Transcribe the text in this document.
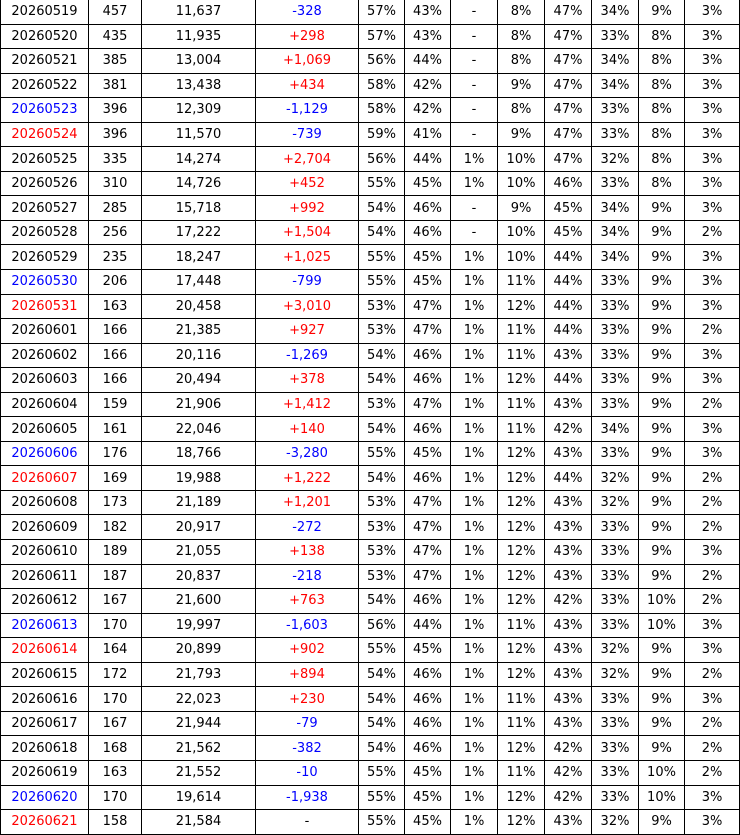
20260519	457	11,637	-328	57%	43%	-	8%	47%	34%	9%	3%
20260520	435	11,935	+298	57%	43%	-	8%	47%	33%	8%	3%
20260521	385	13,004	+1,069	56%	44%	-	8%	47%	34%	8%	3%
20260522	381	13,438	+434	58%	42%	-	9%	47%	34%	8%	3%
20260523	396	12,309	-1,129	58%	42%	-	8%	47%	33%	8%	3%
20260524	396	11,570	-739	59%	41%	-	9%	47%	33%	8%	3%
20260525	335	14,274	+2,704	56%	44%	1%	10%	47%	32%	8%	3%
20260526	310	14,726	+452	55%	45%	1%	10%	46%	33%	8%	3%
20260527	285	15,718	+992	54%	46%	-	9%	45%	34%	9%	3%
20260528	256	17,222	+1,504	54%	46%	-	10%	45%	34%	9%	2%
20260529	235	18,247	+1,025	55%	45%	1%	10%	44%	34%	9%	3%
20260530	206	17,448	-799	55%	45%	1%	11%	44%	33%	9%	3%
20260531	163	20,458	+3,010	53%	47%	1%	12%	44%	33%	9%	3%
20260601	166	21,385	+927	53%	47%	1%	11%	44%	33%	9%	2%
20260602	166	20,116	-1,269	54%	46%	1%	11%	43%	33%	9%	3%
20260603	166	20,494	+378	54%	46%	1%	12%	44%	33%	9%	3%
20260604	159	21,906	+1,412	53%	47%	1%	11%	43%	33%	9%	2%
20260605	161	22,046	+140	54%	46%	1%	11%	42%	34%	9%	3%
20260606	176	18,766	-3,280	55%	45%	1%	12%	43%	33%	9%	3%
20260607	169	19,988	+1,222	54%	46%	1%	12%	44%	32%	9%	2%
20260608	173	21,189	+1,201	53%	47%	1%	12%	43%	32%	9%	2%
20260609	182	20,917	-272	53%	47%	1%	12%	43%	33%	9%	2%
20260610	189	21,055	+138	53%	47%	1%	12%	43%	33%	9%	3%
20260611	187	20,837	-218	53%	47%	1%	12%	43%	33%	9%	2%
20260612	167	21,600	+763	54%	46%	1%	12%	42%	33%	10%	2%
20260613	170	19,997	-1,603	56%	44%	1%	11%	43%	33%	10%	3%
20260614	164	20,899	+902	55%	45%	1%	12%	43%	32%	9%	3%
20260615	172	21,793	+894	54%	46%	1%	12%	43%	32%	9%	2%
20260616	170	22,023	+230	54%	46%	1%	11%	43%	33%	9%	3%
20260617	167	21,944	-79	54%	46%	1%	11%	43%	33%	9%	2%
20260618	168	21,562	-382	54%	46%	1%	12%	42%	33%	9%	2%
20260619	163	21,552	-10	55%	45%	1%	11%	42%	33%	10%	2%
20260620	170	19,614	-1,938	55%	45%	1%	12%	42%	33%	10%	3%
20260621	158	21,584	-	55%	45%	1%	12%	43%	32%	9%	3%
